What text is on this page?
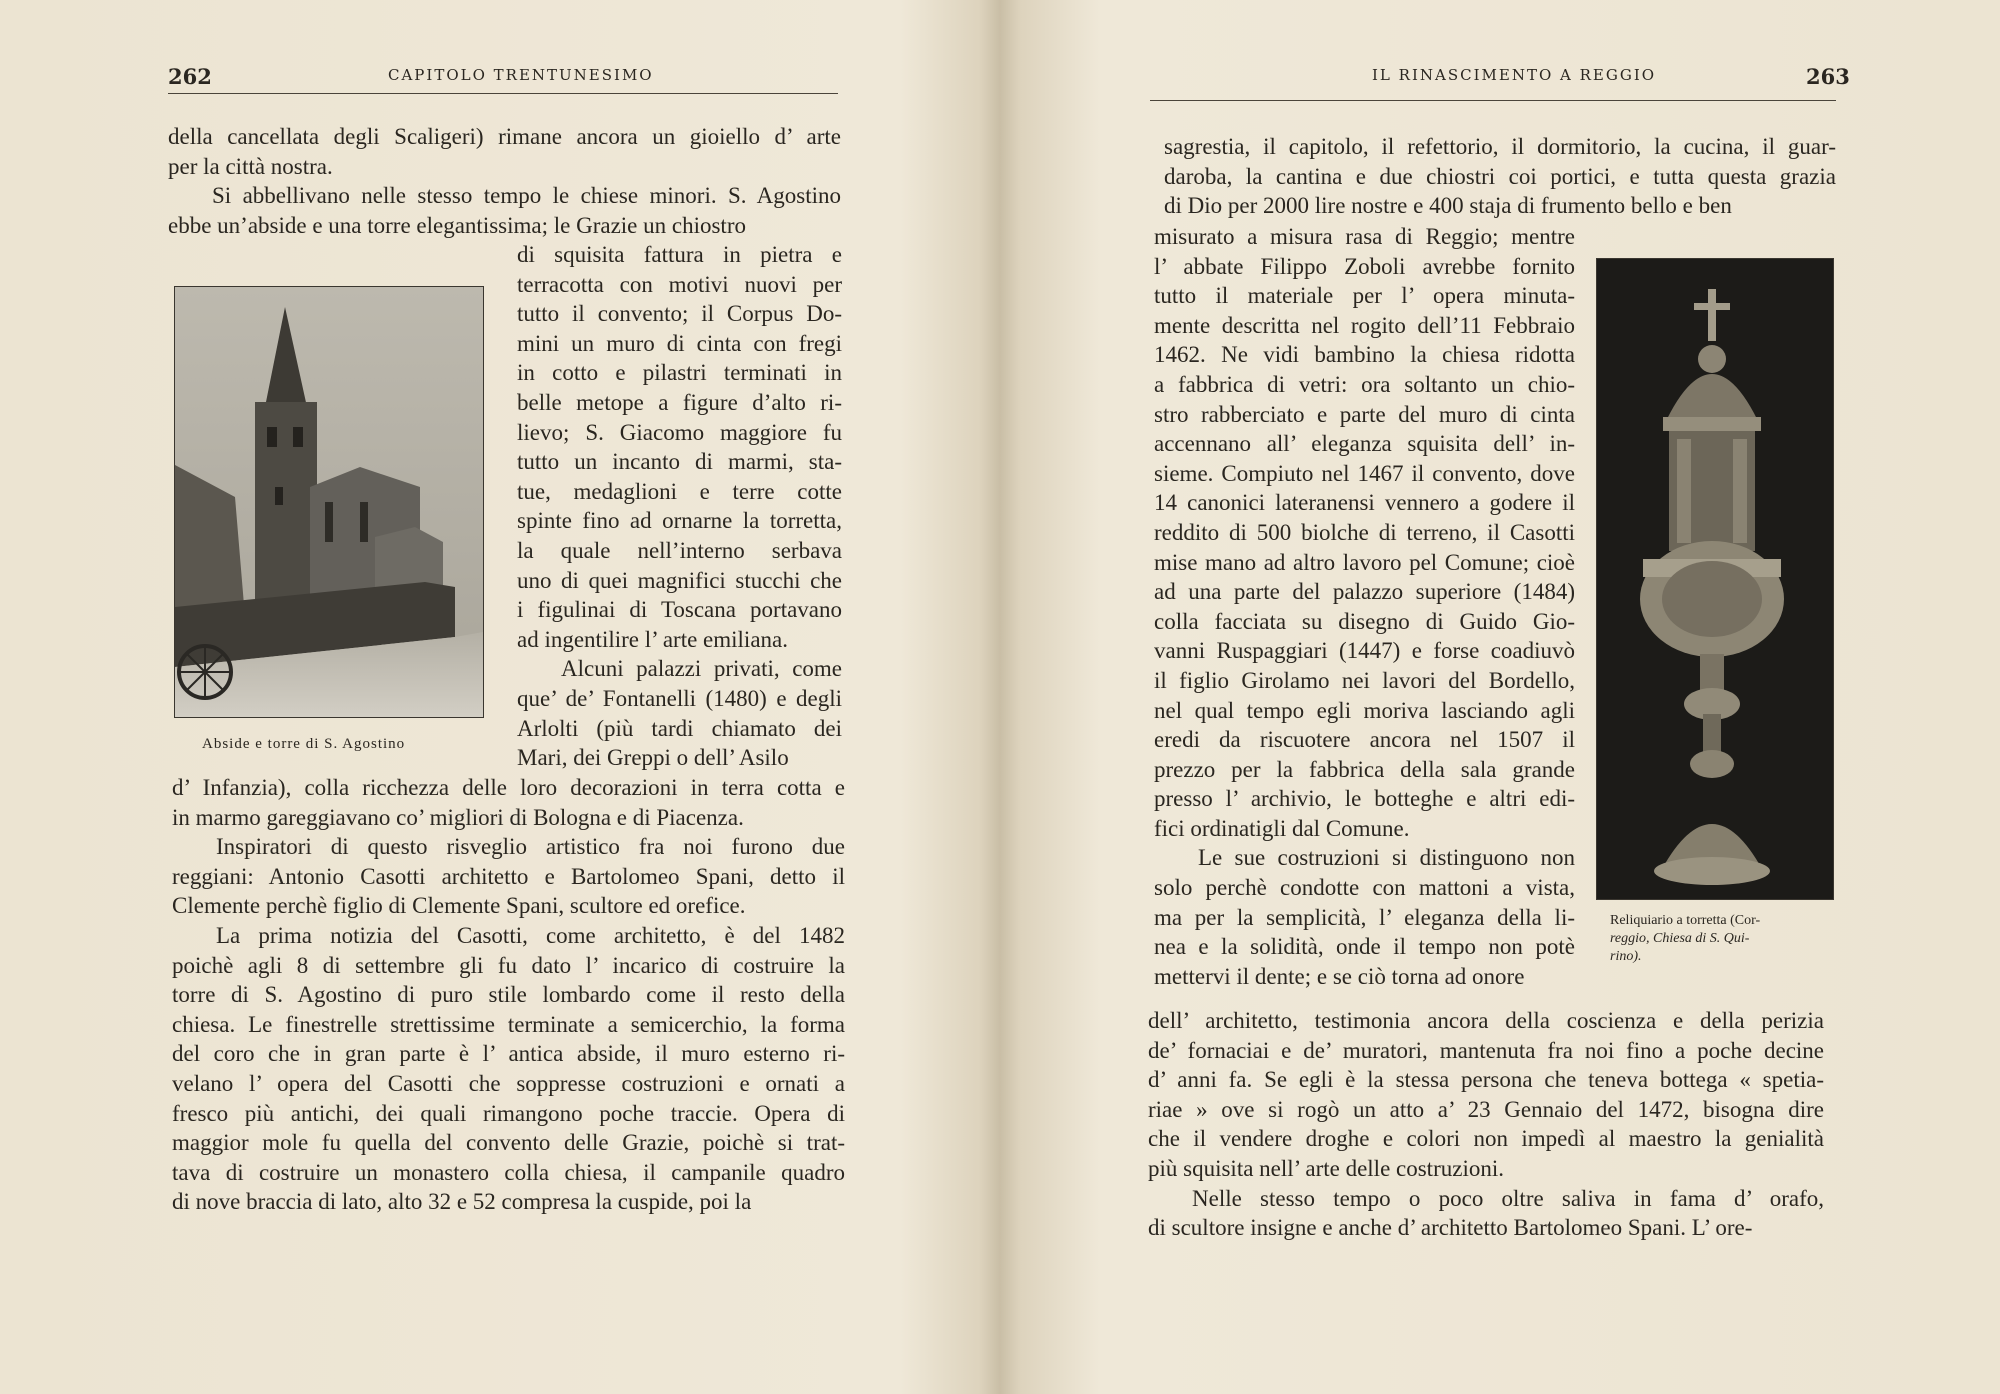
262	CAPITOLO TRENTUNESIMO

della cancellata degli Scaligeri) rimane ancora un gioiello d’ arte

per la città nostra.

Si abbellivano nelle stesso tempo le chiese minori. S. Agostino

ebbe un’abside e una torre elegantissima; le Grazie un chiostro

Abside e torre di S. Agostino

di squisita fattura in pietra e

terracotta con motivi nuovi per

tutto il convento; il Corpus Do-

mini un muro di cinta con fregi

in cotto e pilastri terminati in

belle metope a figure d’alto ri-

lievo; S. Giacomo maggiore fu

tutto un incanto di marmi, sta-

tue, medaglioni e terre cotte

spinte fino ad ornarne la torretta,

la quale nell’interno serbava

uno di quei magnifici stucchi che

i figulinai di Toscana portavano

ad ingentilire l’ arte emiliana.

Alcuni palazzi privati, come

que’ de’ Fontanelli (1480) e degli

Arlolti (più tardi chiamato dei

Mari, dei Greppi o dell’ Asilo

d’ Infanzia), colla ricchezza delle loro decorazioni in terra cotta e

in marmo gareggiavano co’ migliori di Bologna e di Piacenza.

Inspiratori di questo risveglio artistico fra noi furono due

reggiani: Antonio Casotti architetto e Bartolomeo Spani, detto il

Clemente perchè figlio di Clemente Spani, scultore ed orefice.

La prima notizia del Casotti, come architetto, è del 1482

poichè agli 8 di settembre gli fu dato l’ incarico di costruire la

torre di S. Agostino di puro stile lombardo come il resto della

chiesa. Le finestrelle strettissime terminate a semicerchio, la forma

del coro che in gran parte è l’ antica abside, il muro esterno ri-

velano l’ opera del Casotti che soppresse costruzioni e ornati a

fresco più antichi, dei quali rimangono poche traccie. Opera di

maggior mole fu quella del convento delle Grazie, poichè si trat-

tava di costruire un monastero colla chiesa, il campanile quadro

di nove braccia di lato, alto 32 e 52 compresa la cuspide, poi la

IL RINASCIMENTO A REGGIO	263

sagrestia, il capitolo, il refettorio, il dormitorio, la cucina, il guar-

daroba, la cantina e due chiostri coi portici, e tutta questa grazia

di Dio per 2000 lire nostre e 400 staja di frumento bello e ben

misurato a misura rasa di Reggio; mentre

l’ abbate Filippo Zoboli avrebbe fornito

tutto il materiale per l’ opera minuta-

mente descritta nel rogito dell’11 Febbraio

1462. Ne vidi bambino la chiesa ridotta

a fabbrica di vetri: ora soltanto un chio-

stro rabberciato e parte del muro di cinta

accennano all’ eleganza squisita dell’ in-

sieme. Compiuto nel 1467 il convento, dove

14 canonici lateranensi vennero a godere il

reddito di 500 biolche di terreno, il Casotti

mise mano ad altro lavoro pel Comune; cioè

ad una parte del palazzo superiore (1484)

colla facciata su disegno di Guido Gio-

vanni Ruspaggiari (1447) e forse coadiuvò

il figlio Girolamo nei lavori del Bordello,

nel qual tempo egli moriva lasciando agli

eredi da riscuotere ancora nel 1507 il

prezzo per la fabbrica della sala grande

presso l’ archivio, le botteghe e altri edi-

fici ordinatigli dal Comune.

Le sue costruzioni si distinguono non

solo perchè condotte con mattoni a vista,

ma per la semplicità, l’ eleganza della li-

nea e la solidità, onde il tempo non potè

mettervi il dente; e se ciò torna ad onore

Reliquiario a torretta (Cor-
reggio, Chiesa di S. Qui-
rino).

dell’ architetto, testimonia ancora della coscienza e della perizia

de’ fornaciai e de’ muratori, mantenuta fra noi fino a poche decine

d’ anni fa. Se egli è la stessa persona che teneva bottega « spetia-

riae » ove si rogò un atto a’ 23 Gennaio del 1472, bisogna dire

che il vendere droghe e colori non impedì al maestro la genialità

più squisita nell’ arte delle costruzioni.

Nelle stesso tempo o poco oltre saliva in fama d’ orafo,

di scultore insigne e anche d’ architetto Bartolomeo Spani. L’ ore-
